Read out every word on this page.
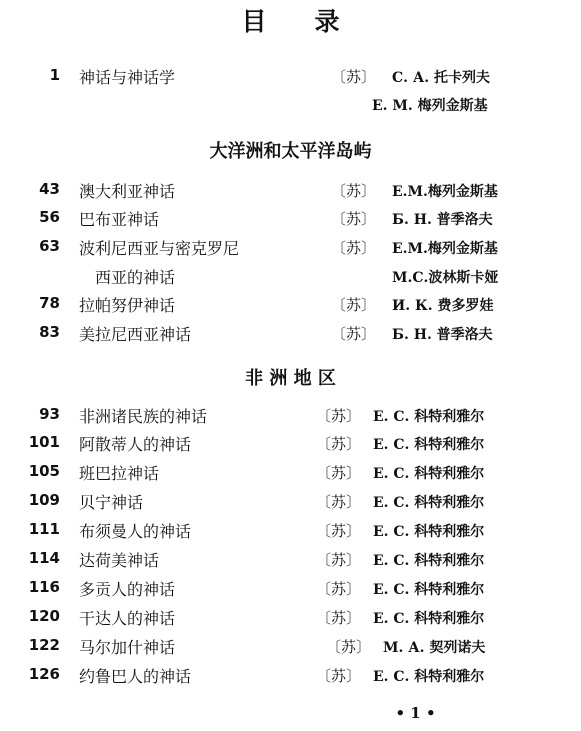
目 录
1 神话与神话学	〔苏〕 С. А. 托卡列夫
Е. М. 梅列金斯基
大洋洲和太平洋岛屿
43 澳大利亚神话	〔苏〕 Е.М.梅列金斯基
56 巴布亚神话	〔苏〕 Б. Н. 普季洛夫
63 波利尼西亚与密克罗尼	〔苏〕 Е.М.梅列金斯基
西亚的神话	М.С.波林斯卡娅
78 拉帕努伊神话	〔苏〕 И. К. 费多罗娃
83 美拉尼西亚神话	〔苏〕 Б. Н. 普季洛夫
非 洲 地 区
93 非洲诸民族的神话	〔苏〕 Е. С. 科特利雅尔
101 阿散蒂人的神话	〔苏〕 Е. С. 科特利雅尔
105 班巴拉神话	〔苏〕 Е. С. 科特利雅尔
109 贝宁神话	〔苏〕 Е. С. 科特利雅尔
111 布须曼人的神话	〔苏〕 Е. С. 科特利雅尔
114 达荷美神话	〔苏〕 Е. С. 科特利雅尔
116 多贡人的神话	〔苏〕 Е. С. 科特利雅尔
120 干达人的神话	〔苏〕 Е. С. 科特利雅尔
122 马尔加什神话	〔苏〕 М. А. 契列诺夫
126 约鲁巴人的神话	〔苏〕 Е. С. 科特利雅尔
• 1 •
